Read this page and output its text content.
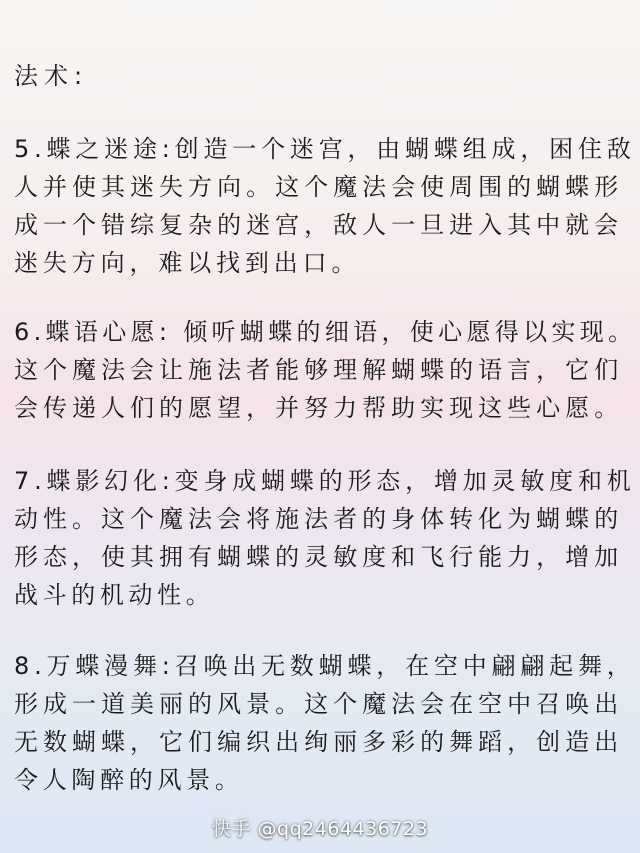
法术:
5.蝶之迷途:创造一个迷宫，由蝴蝶组成，困住敌
人并使其迷失方向。这个魔法会使周围的蝴蝶形
成一个错综复杂的迷宫，敌人一旦进入其中就会
迷失方向，难以找到出口。
6.蝶语心愿: 倾听蝴蝶的细语，使心愿得以实现。
这个魔法会让施法者能够理解蝴蝶的语言，它们
会传递人们的愿望，并努力帮助实现这些心愿。
7.蝶影幻化:变身成蝴蝶的形态，增加灵敏度和机
动性。这个魔法会将施法者的身体转化为蝴蝶的
形态，使其拥有蝴蝶的灵敏度和飞行能力，增加
战斗的机动性。
8.万蝶漫舞:召唤出无数蝴蝶，在空中翩翩起舞，
形成一道美丽的风景。这个魔法会在空中召唤出
无数蝴蝶，它们编织出绚丽多彩的舞蹈，创造出
令人陶醉的风景。
快手 @qq2464436723
